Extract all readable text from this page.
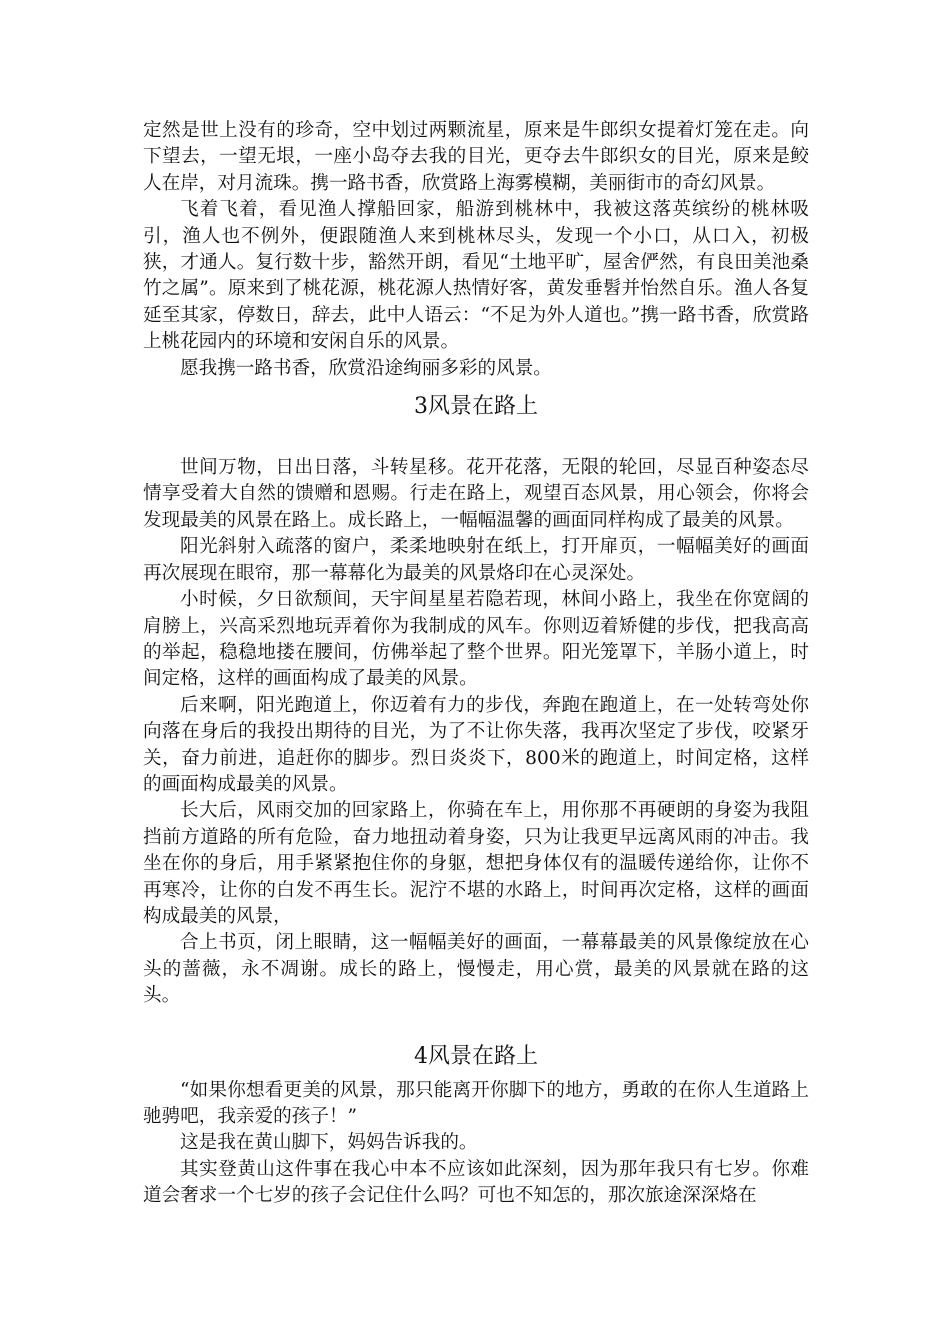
定然是世上没有的珍奇，空中划过两颗流星，原来是牛郎织女提着灯笼在走。向下望去，一望无垠，一座小岛夺去我的目光，更夺去牛郎织女的目光，原来是鲛人在岸，对月流珠。携一路书香，欣赏路上海雾模糊，美丽街市的奇幻风景。

飞着飞着，看见渔人撑船回家，船游到桃林中，我被这落英缤纷的桃林吸引，渔人也不例外，便跟随渔人来到桃林尽头，发现一个小口，从口入，初极狭，才通人。复行数十步，豁然开朗，看见“土地平旷，屋舍俨然，有良田美池桑竹之属”。原来到了桃花源，桃花源人热情好客，黄发垂髫并怡然自乐。渔人各复延至其家，停数日，辞去，此中人语云：“不足为外人道也。”携一路书香，欣赏路上桃花园内的环境和安闲自乐的风景。

愿我携一路书香，欣赏沿途绚丽多彩的风景。

3风景在路上

世间万物，日出日落，斗转星移。花开花落，无限的轮回，尽显百种姿态尽情享受着大自然的馈赠和恩赐。行走在路上，观望百态风景，用心领会，你将会发现最美的风景在路上。成长路上，一幅幅温馨的画面同样构成了最美的风景。

阳光斜射入疏落的窗户，柔柔地映射在纸上，打开扉页，一幅幅美好的画面再次展现在眼帘，那一幕幕化为最美的风景烙印在心灵深处。

小时候，夕日欲颓间，天宇间星星若隐若现，林间小路上，我坐在你宽阔的肩膀上，兴高采烈地玩弄着你为我制成的风车。你则迈着矫健的步伐，把我高高的举起，稳稳地搂在腰间，仿佛举起了整个世界。阳光笼罩下，羊肠小道上，时间定格，这样的画面构成了最美的风景。

后来啊，阳光跑道上，你迈着有力的步伐，奔跑在跑道上，在一处转弯处你向落在身后的我投出期待的目光，为了不让你失落，我再次坚定了步伐，咬紧牙关，奋力前进，追赶你的脚步。烈日炎炎下，800米的跑道上，时间定格，这样的画面构成最美的风景。

长大后，风雨交加的回家路上，你骑在车上，用你那不再硬朗的身姿为我阻挡前方道路的所有危险，奋力地扭动着身姿，只为让我更早远离风雨的冲击。我坐在你的身后，用手紧紧抱住你的身躯，想把身体仅有的温暖传递给你，让你不再寒冷，让你的白发不再生长。泥泞不堪的水路上，时间再次定格，这样的画面构成最美的风景，

合上书页，闭上眼睛，这一幅幅美好的画面，一幕幕最美的风景像绽放在心头的蔷薇，永不凋谢。成长的路上，慢慢走，用心赏，最美的风景就在路的这头。

4风景在路上

“如果你想看更美的风景，那只能离开你脚下的地方，勇敢的在你人生道路上驰骋吧，我亲爱的孩子！”

这是我在黄山脚下，妈妈告诉我的。

其实登黄山这件事在我心中本不应该如此深刻，因为那年我只有七岁。你难道会奢求一个七岁的孩子会记住什么吗？可也不知怎的，那次旅途深深烙在
